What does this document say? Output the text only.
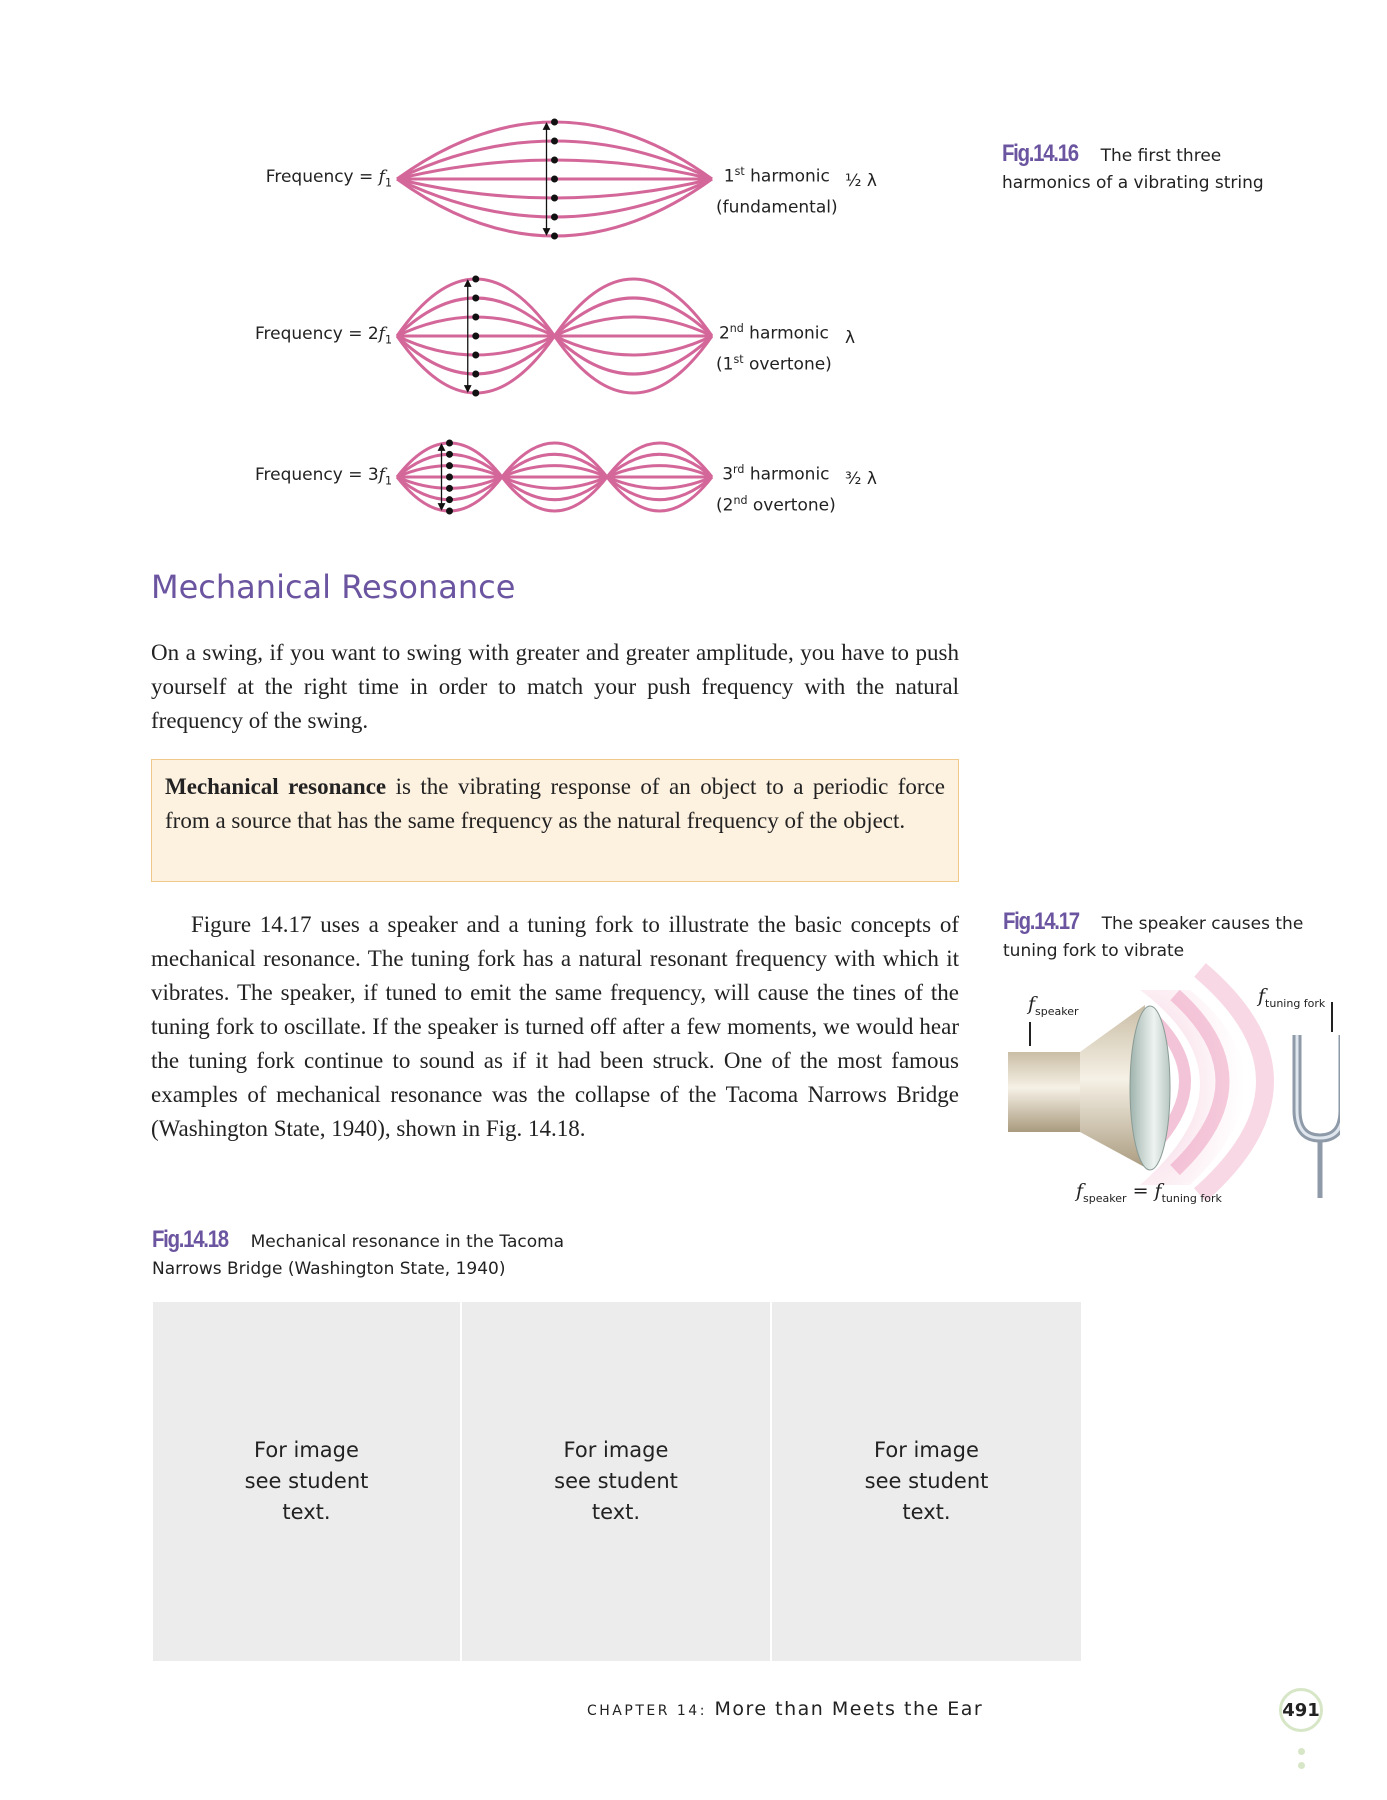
Frequency = $f_1$	1st harmonic
(fundamental)
½ λ
Frequency = $2f_1$	2nd harmonic
(1st overtone)
λ
Frequency = $3f_1$	3rd harmonic
(2nd overtone)
³⁄₂ λ
Fig.14.16 The first three harmonics of a vibrating string
Mechanical Resonance
On a swing, if you want to swing with greater and greater amplitude, you have to push yourself at the right time in order to match your push frequency with the natural frequency of the swing.
Mechanical resonance is the vibrating response of an object to a periodic force from a source that has the same frequency as the natural frequency of the object.
Figure 14.17 uses a speaker and a tuning fork to illustrate the basic concepts of mechanical resonance. The tuning fork has a natural resonant frequency with which it vibrates. The speaker, if tuned to emit the same frequency, will cause the tines of the tuning fork to oscillate. If the speaker is turned off after a few moments, we would hear the tuning fork continue to sound as if it had been struck. One of the most famous examples of mechanical resonance was the collapse of the Tacoma Narrows Bridge (Washington State, 1940), shown in Fig. 14.18.
Fig.14.17 The speaker causes the tuning fork to vibrate
$f_{speaker}$
$f_{tuning fork}$
$f_{speaker} = f_{tuning fork}$
Fig.14.18 Mechanical resonance in the Tacoma Narrows Bridge (Washington State, 1940)
For image
see student
text.
For image
see student
text.
For image
see student
text.
CHAPTER 14: More than Meets the Ear	491
